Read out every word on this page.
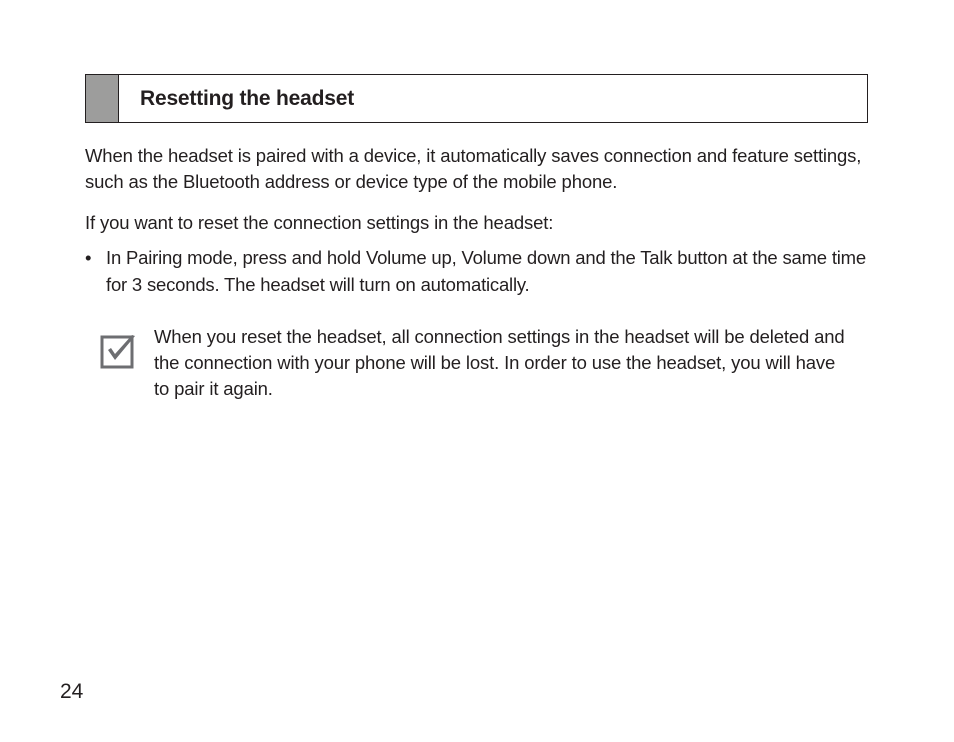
Resetting the headset

When the headset is paired with a device, it automatically saves connection and feature settings, such as the Bluetooth address or device type of the mobile phone.

If you want to reset the connection settings in the headset:

• In Pairing mode, press and hold Volume up, Volume down and the Talk button at the same time for 3 seconds. The headset will turn on automatically.

When you reset the headset, all connection settings in the headset will be deleted and the connection with your phone will be lost. In order to use the headset, you will have to pair it again.

24
